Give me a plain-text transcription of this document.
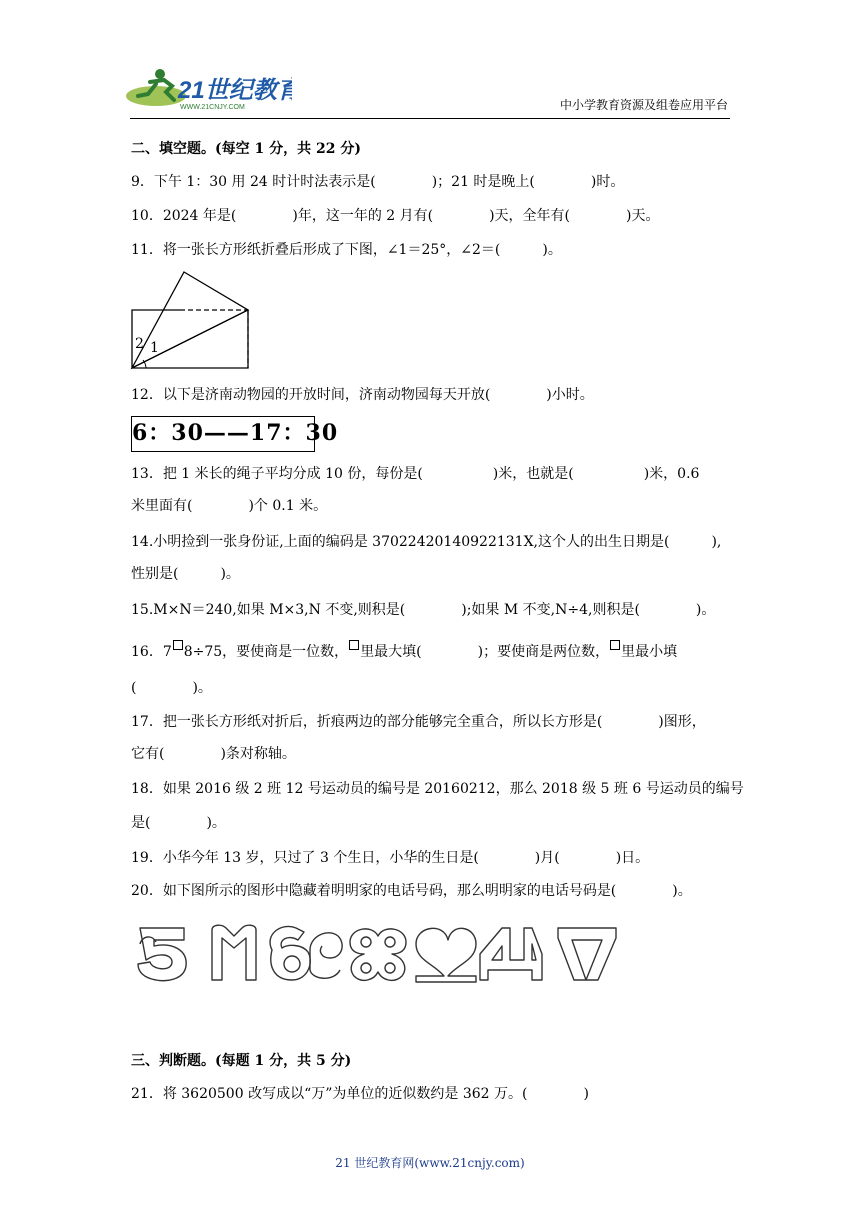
21世纪教育
WWW.21CNJY.COM	中小学教育资源及组卷应用平台
二、填空题。(每空 1 分，共 22 分)
9．下午 1：30 用 24 时计时法表示是(　　　　)；21 时是晚上(　　　　)时。
10．2024 年是(　　　　)年，这一年的 2 月有(　　　　)天，全年有(　　　　)天。
11．将一张长方形纸折叠后形成了下图，∠1＝25°，∠2＝(　　　)。
1
2
12．以下是济南动物园的开放时间，济南动物园每天开放(　　　　)小时。
6：30——17：30
13．把 1 米长的绳子平均分成 10 份，每份是(　　　　　)米，也就是(　　　　　)米，0.6
米里面有(　　　　)个 0.1 米。
14.小明捡到一张身份证,上面的编码是 37022420140922131X,这个人的出生日期是(　　　),
性别是(　　　)。
15.M×N＝240,如果 M×3,N 不变,则积是(　　　　);如果 M 不变,N÷4,则积是(　　　　)。
16．7 8÷75，要使商是一位数， 里最大填(　　　　)；要使商是两位数， 里最小填
(　　　　)。
17．把一张长方形纸对折后，折痕两边的部分能够完全重合，所以长方形是(　　　　)图形，
它有(　　　　)条对称轴。
18．如果 2016 级 2 班 12 号运动员的编号是 20160212，那么 2018 级 5 班 6 号运动员的编号
是(　　　　)。
19．小华今年 13 岁，只过了 3 个生日，小华的生日是(　　　　)月(　　　　)日。
20．如下图所示的图形中隐藏着明明家的电话号码，那么明明家的电话号码是(　　　　)。
三、判断题。(每题 1 分，共 5 分)
21．将 3620500 改写成以“万”为单位的近似数约是 362 万。(　　　　)
21 世纪教育网(www.21cnjy.com)
